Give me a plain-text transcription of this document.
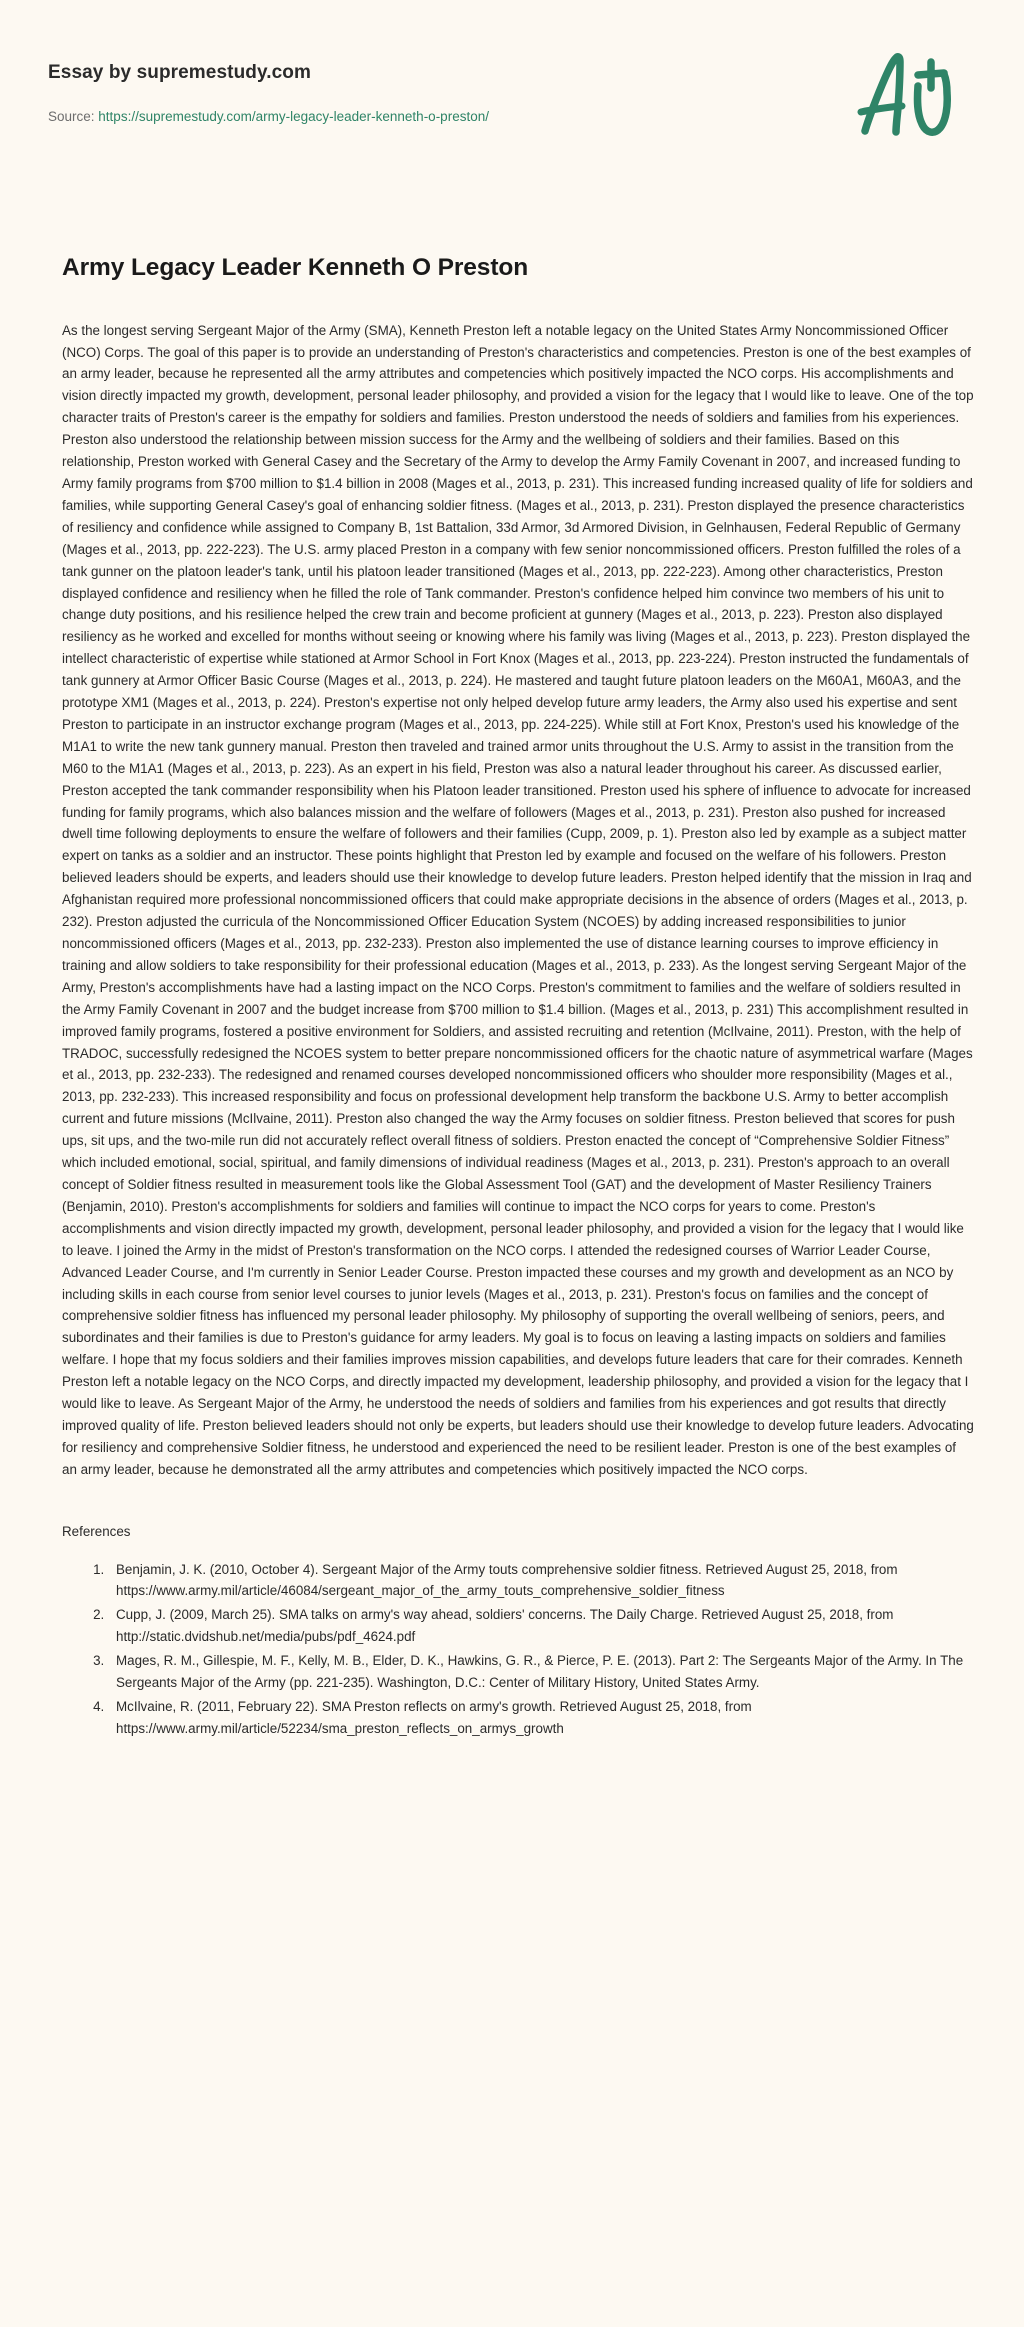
Essay by supremestudy.com
Source: https://supremestudy.com/army-legacy-leader-kenneth-o-preston/
Army Legacy Leader Kenneth O Preston

As the longest serving Sergeant Major of the Army (SMA), Kenneth Preston left a notable legacy on the United States Army Noncommissioned Officer (NCO) Corps. The goal of this paper is to provide an understanding of Preston's characteristics and competencies. Preston is one of the best examples of an army leader, because he represented all the army attributes and competencies which positively impacted the NCO corps. His accomplishments and vision directly impacted my growth, development, personal leader philosophy, and provided a vision for the legacy that I would like to leave. One of the top character traits of Preston's career is the empathy for soldiers and families. Preston understood the needs of soldiers and families from his experiences. Preston also understood the relationship between mission success for the Army and the wellbeing of soldiers and their families. Based on this relationship, Preston worked with General Casey and the Secretary of the Army to develop the Army Family Covenant in 2007, and increased funding to Army family programs from $700 million to $1.4 billion in 2008 (Mages et al., 2013, p. 231). This increased funding increased quality of life for soldiers and families, while supporting General Casey's goal of enhancing soldier fitness. (Mages et al., 2013, p. 231). Preston displayed the presence characteristics of resiliency and confidence while assigned to Company B, 1st Battalion, 33d Armor, 3d Armored Division, in Gelnhausen, Federal Republic of Germany (Mages et al., 2013, pp. 222-223). The U.S. army placed Preston in a company with few senior noncommissioned officers. Preston fulfilled the roles of a tank gunner on the platoon leader's tank, until his platoon leader transitioned (Mages et al., 2013, pp. 222-223). Among other characteristics, Preston displayed confidence and resiliency when he filled the role of Tank commander. Preston's confidence helped him convince two members of his unit to change duty positions, and his resilience helped the crew train and become proficient at gunnery (Mages et al., 2013, p. 223). Preston also displayed resiliency as he worked and excelled for months without seeing or knowing where his family was living (Mages et al., 2013, p. 223). Preston displayed the intellect characteristic of expertise while stationed at Armor School in Fort Knox (Mages et al., 2013, pp. 223-224). Preston instructed the fundamentals of tank gunnery at Armor Officer Basic Course (Mages et al., 2013, p. 224). He mastered and taught future platoon leaders on the M60A1, M60A3, and the prototype XM1 (Mages et al., 2013, p. 224). Preston's expertise not only helped develop future army leaders, the Army also used his expertise and sent Preston to participate in an instructor exchange program (Mages et al., 2013, pp. 224-225). While still at Fort Knox, Preston's used his knowledge of the M1A1 to write the new tank gunnery manual. Preston then traveled and trained armor units throughout the U.S. Army to assist in the transition from the M60 to the M1A1 (Mages et al., 2013, p. 223). As an expert in his field, Preston was also a natural leader throughout his career. As discussed earlier, Preston accepted the tank commander responsibility when his Platoon leader transitioned. Preston used his sphere of influence to advocate for increased funding for family programs, which also balances mission and the welfare of followers (Mages et al., 2013, p. 231). Preston also pushed for increased dwell time following deployments to ensure the welfare of followers and their families (Cupp, 2009, p. 1). Preston also led by example as a subject matter expert on tanks as a soldier and an instructor. These points highlight that Preston led by example and focused on the welfare of his followers. Preston believed leaders should be experts, and leaders should use their knowledge to develop future leaders. Preston helped identify that the mission in Iraq and Afghanistan required more professional noncommissioned officers that could make appropriate decisions in the absence of orders (Mages et al., 2013, p. 232). Preston adjusted the curricula of the Noncommissioned Officer Education System (NCOES) by adding increased responsibilities to junior noncommissioned officers (Mages et al., 2013, pp. 232-233). Preston also implemented the use of distance learning courses to improve efficiency in training and allow soldiers to take responsibility for their professional education (Mages et al., 2013, p. 233). As the longest serving Sergeant Major of the Army, Preston's accomplishments have had a lasting impact on the NCO Corps. Preston's commitment to families and the welfare of soldiers resulted in the Army Family Covenant in 2007 and the budget increase from $700 million to $1.4 billion. (Mages et al., 2013, p. 231) This accomplishment resulted in improved family programs, fostered a positive environment for Soldiers, and assisted recruiting and retention (McIlvaine, 2011). Preston, with the help of TRADOC, successfully redesigned the NCOES system to better prepare noncommissioned officers for the chaotic nature of asymmetrical warfare (Mages et al., 2013, pp. 232-233). The redesigned and renamed courses developed noncommissioned officers who shoulder more responsibility (Mages et al., 2013, pp. 232-233). This increased responsibility and focus on professional development help transform the backbone U.S. Army to better accomplish current and future missions (McIlvaine, 2011). Preston also changed the way the Army focuses on soldier fitness. Preston believed that scores for push ups, sit ups, and the two-mile run did not accurately reflect overall fitness of soldiers. Preston enacted the concept of “Comprehensive Soldier Fitness” which included emotional, social, spiritual, and family dimensions of individual readiness (Mages et al., 2013, p. 231). Preston's approach to an overall concept of Soldier fitness resulted in measurement tools like the Global Assessment Tool (GAT) and the development of Master Resiliency Trainers (Benjamin, 2010). Preston's accomplishments for soldiers and families will continue to impact the NCO corps for years to come. Preston's accomplishments and vision directly impacted my growth, development, personal leader philosophy, and provided a vision for the legacy that I would like to leave. I joined the Army in the midst of Preston's transformation on the NCO corps. I attended the redesigned courses of Warrior Leader Course, Advanced Leader Course, and I'm currently in Senior Leader Course. Preston impacted these courses and my growth and development as an NCO by including skills in each course from senior level courses to junior levels (Mages et al., 2013, p. 231). Preston's focus on families and the concept of comprehensive soldier fitness has influenced my personal leader philosophy. My philosophy of supporting the overall wellbeing of seniors, peers, and subordinates and their families is due to Preston's guidance for army leaders. My goal is to focus on leaving a lasting impacts on soldiers and families welfare. I hope that my focus soldiers and their families improves mission capabilities, and develops future leaders that care for their comrades. Kenneth Preston left a notable legacy on the NCO Corps, and directly impacted my development, leadership philosophy, and provided a vision for the legacy that I would like to leave. As Sergeant Major of the Army, he understood the needs of soldiers and families from his experiences and got results that directly improved quality of life. Preston believed leaders should not only be experts, but leaders should use their knowledge to develop future leaders. Advocating for resiliency and comprehensive Soldier fitness, he understood and experienced the need to be resilient leader. Preston is one of the best examples of an army leader, because he demonstrated all the army attributes and competencies which positively impacted the NCO corps.

References
1. Benjamin, J. K. (2010, October 4). Sergeant Major of the Army touts comprehensive soldier fitness. Retrieved August 25, 2018, from https://www.army.mil/article/46084/sergeant_major_of_the_army_touts_comprehensive_soldier_fitness
2. Cupp, J. (2009, March 25). SMA talks on army's way ahead, soldiers' concerns. The Daily Charge. Retrieved August 25, 2018, from http://static.dvidshub.net/media/pubs/pdf_4624.pdf
3. Mages, R. M., Gillespie, M. F., Kelly, M. B., Elder, D. K., Hawkins, G. R., & Pierce, P. E. (2013). Part 2: The Sergeants Major of the Army. In The Sergeants Major of the Army (pp. 221-235). Washington, D.C.: Center of Military History, United States Army.
4. McIlvaine, R. (2011, February 22). SMA Preston reflects on army's growth. Retrieved August 25, 2018, from https://www.army.mil/article/52234/sma_preston_reflects_on_armys_growth
